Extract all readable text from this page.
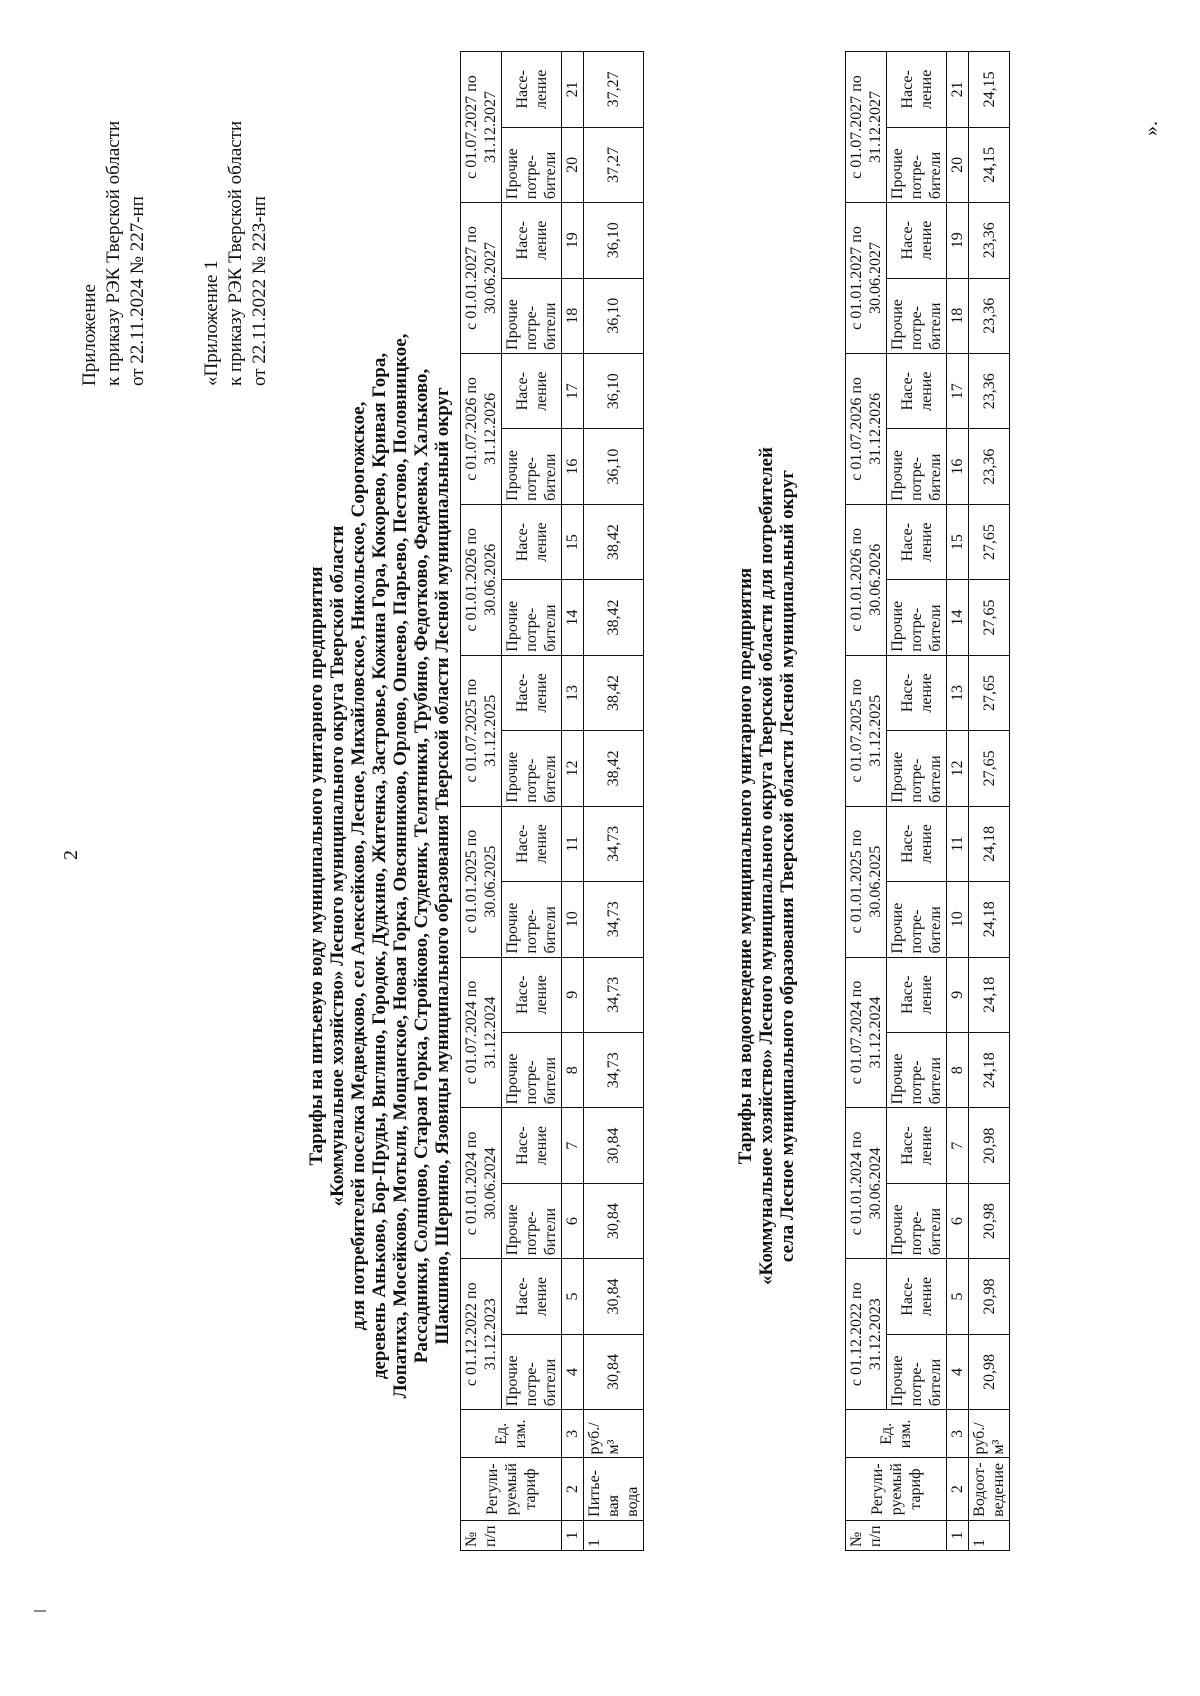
2
Приложение к приказу РЭК Тверской области от 22.11.2024 № 227-нп	«Приложение 1 к приказу РЭК Тверской области от 22.11.2022 № 223-нп
Тарифы на питьевую воду муниципального унитарного предприятия «Коммунальное хозяйство» Лесного муниципального округа Тверской области для потребителей поселка Медведково, сел Алексейково, Лесное, Михайловское, Никольское, Сорогожское, деревень Аньково, Бор-Пруды, Виглино, Городок, Дудкино, Житенка, Застровье, Кожина Гора, Кокорево, Кривая Гора, Лопатиха, Мосейково, Мотыли, Мощанское, Новая Горка, Овсянниково, Орлово, Ошеево, Парьево, Пестово, Половницкое, Рассадники, Солнцово, Старая Горка, Стройково, Студеник, Телятники, Трубино, Федотково, Федяевка, Хальково, Шакшино, Шернино, Язовицы муниципального образования Тверской области Лесной муниципальный округ
№ п/п	Регули-руемый тариф	Ед. изм.	с 01.12.2022 по 31.12.2023		с 01.01.2024 по 30.06.2024		с 01.07.2024 по 31.12.2024		с 01.01.2025 по 30.06.2025		с 01.07.2025 по 31.12.2025		с 01.01.2026 по 30.06.2026		с 01.07.2026 по 31.12.2026		с 01.01.2027 по 30.06.2027		с 01.07.2027 по 31.12.2027	
			Прочие потре-бители	Насе-ление	Прочие потре-бители	Насе-ление	Прочие потре-бители	Насе-ление	Прочие потре-бители	Насе-ление	Прочие потре-бители	Насе-ление	Прочие потре-бители	Насе-ление	Прочие потре-бители	Насе-ление	Прочие потре-бители	Насе-ление	Прочие потре-бители	Насе-ление
1	2	3	4	5	6	7	8	9	10	11	12	13	14	15	16	17	18	19	20	21
1	Питье-вая вода	руб./м³	30,84	30,84	30,84	30,84	34,73	34,73	34,73	34,73	38,42	38,42	38,42	38,42	36,10	36,10	36,10	36,10	37,27	37,27
Тарифы на водоотведение муниципального унитарного предприятия «Коммунальное хозяйство» Лесного муниципального округа Тверской области для потребителей села Лесное муниципального образования Тверской области Лесной муниципальный округ
№ п/п	Регули-руемый тариф	Ед. изм.	с 01.12.2022 по 31.12.2023		с 01.01.2024 по 30.06.2024		с 01.07.2024 по 31.12.2024		с 01.01.2025 по 30.06.2025		с 01.07.2025 по 31.12.2025		с 01.01.2026 по 30.06.2026		с 01.07.2026 по 31.12.2026		с 01.01.2027 по 30.06.2027		с 01.07.2027 по 31.12.2027	
			Прочие потре-бители	Насе-ление	Прочие потре-бители	Насе-ление	Прочие потре-бители	Насе-ление	Прочие потре-бители	Насе-ление	Прочие потре-бители	Насе-ление	Прочие потре-бители	Насе-ление	Прочие потре-бители	Насе-ление	Прочие потре-бители	Насе-ление	Прочие потре-бители	Насе-ление
1	2	3	4	5	6	7	8	9	10	11	12	13	14	15	16	17	18	19	20	21
1	Водоот-ведение	руб./м³	20,98	20,98	20,98	20,98	24,18	24,18	24,18	24,18	27,65	27,65	27,65	27,65	23,36	23,36	23,36	23,36	24,15	24,15
».
